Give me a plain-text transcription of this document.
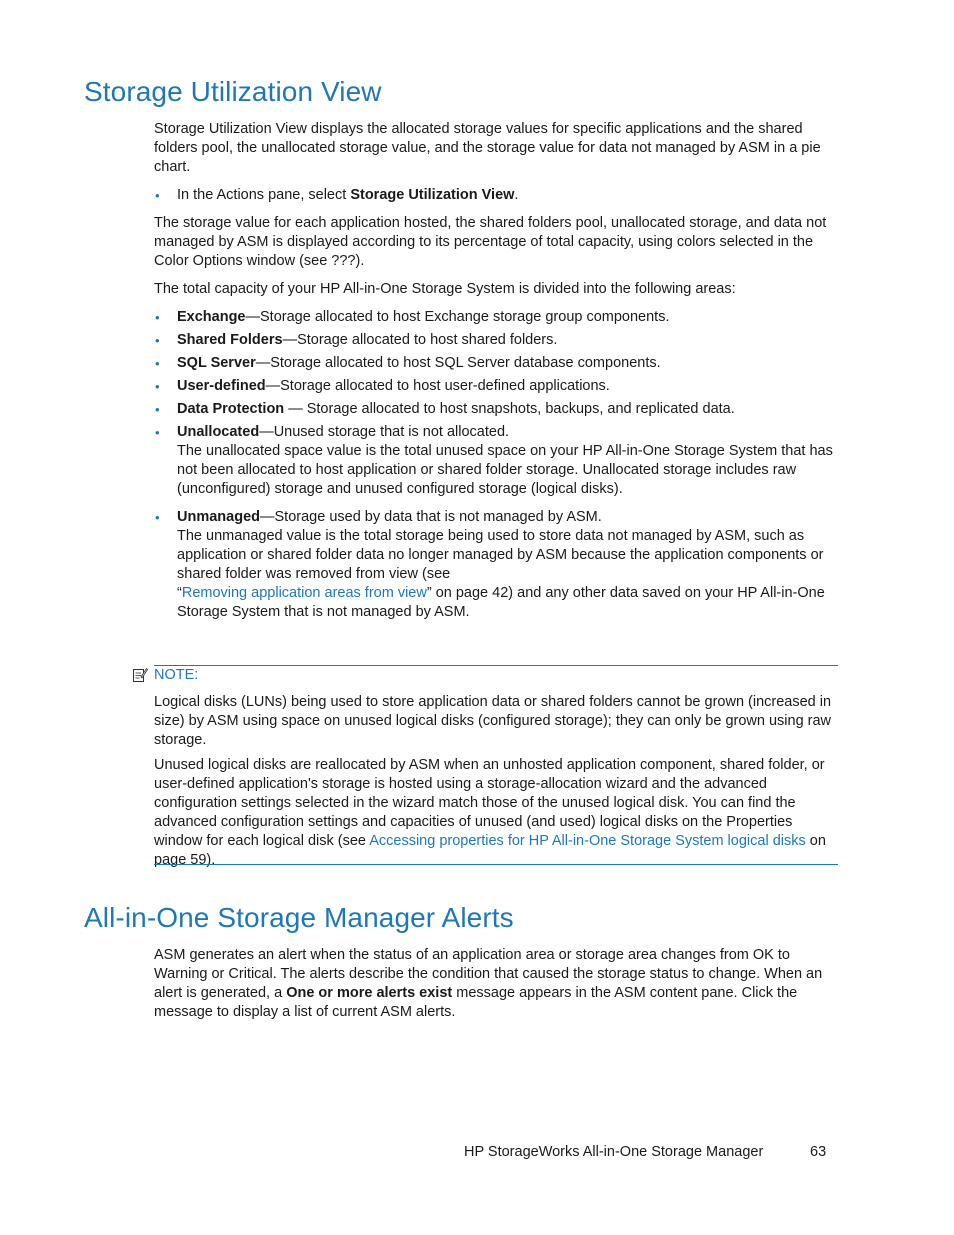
Storage Utilization View

Storage Utilization View displays the allocated storage values for specific applications and the shared folders pool, the unallocated storage value, and the storage value for data not managed by ASM in a pie chart.

• In the Actions pane, select Storage Utilization View.

The storage value for each application hosted, the shared folders pool, unallocated storage, and data not managed by ASM is displayed according to its percentage of total capacity, using colors selected in the Color Options window (see ???).

The total capacity of your HP All-in-One Storage System is divided into the following areas:

• Exchange—Storage allocated to host Exchange storage group components.
• Shared Folders—Storage allocated to host shared folders.
• SQL Server—Storage allocated to host SQL Server database components.
• User-defined—Storage allocated to host user-defined applications.
• Data Protection — Storage allocated to host snapshots, backups, and replicated data.
• Unallocated—Unused storage that is not allocated.

The unallocated space value is the total unused space on your HP All-in-One Storage System that has not been allocated to host application or shared folder storage. Unallocated storage includes raw (unconfigured) storage and unused configured storage (logical disks).

• Unmanaged—Storage used by data that is not managed by ASM.

The unmanaged value is the total storage being used to store data not managed by ASM, such as application or shared folder data no longer managed by ASM because the application components or shared folder was removed from view (see
“Removing application areas from view” on page 42) and any other data saved on your HP All-in-One Storage System that is not managed by ASM.

NOTE:

Logical disks (LUNs) being used to store application data or shared folders cannot be grown (increased in size) by ASM using space on unused logical disks (configured storage); they can only be grown using raw storage.

Unused logical disks are reallocated by ASM when an unhosted application component, shared folder, or user-defined application's storage is hosted using a storage-allocation wizard and the advanced configuration settings selected in the wizard match those of the unused logical disk. You can find the advanced configuration settings and capacities of unused (and used) logical disks on the Properties window for each logical disk (see Accessing properties for HP All-in-One Storage System logical disks on page 59).

All-in-One Storage Manager Alerts

ASM generates an alert when the status of an application area or storage area changes from OK to Warning or Critical. The alerts describe the condition that caused the storage status to change. When an alert is generated, a One or more alerts exist message appears in the ASM content pane. Click the message to display a list of current ASM alerts.

HP StorageWorks All-in-One Storage Manager	63
